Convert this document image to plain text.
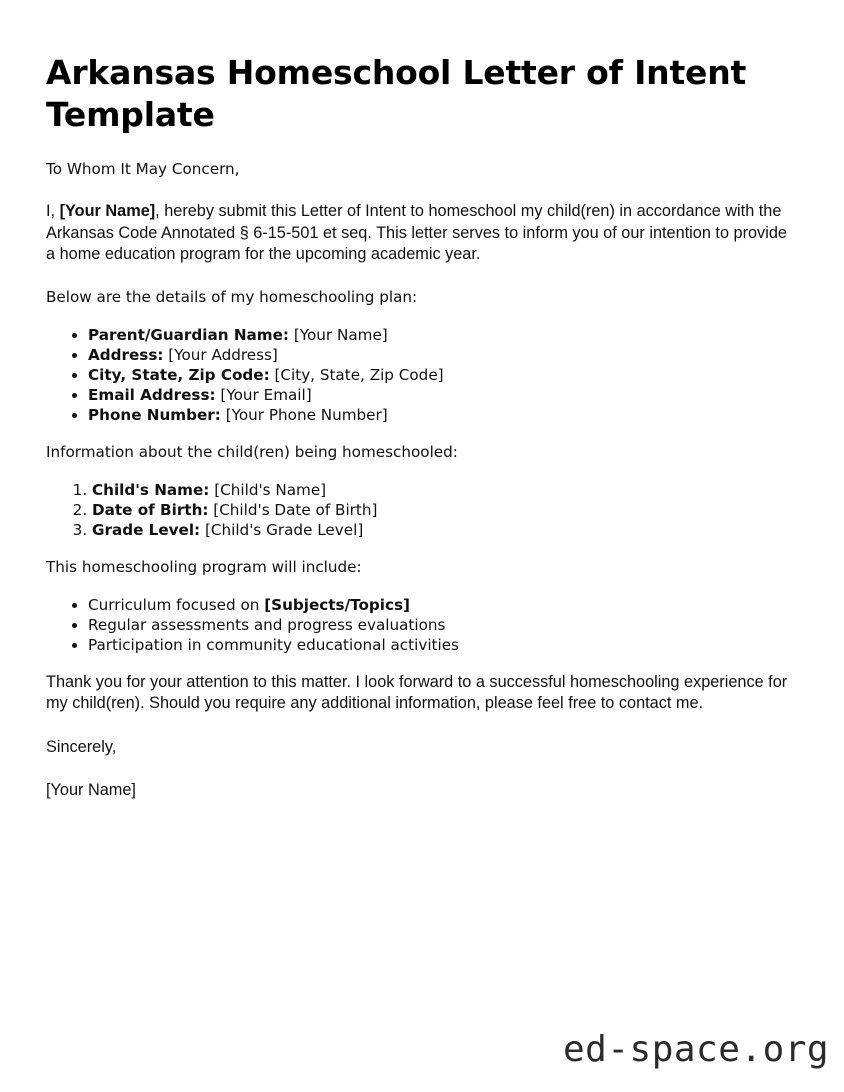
Arkansas Homeschool Letter of Intent Template

To Whom It May Concern,

I, [Your Name], hereby submit this Letter of Intent to homeschool my child(ren) in accordance with the Arkansas Code Annotated § 6-15-501 et seq. This letter serves to inform you of our intention to provide a home education program for the upcoming academic year.

Below are the details of my homeschooling plan:

• Parent/Guardian Name: [Your Name]
• Address: [Your Address]
• City, State, Zip Code: [City, State, Zip Code]
• Email Address: [Your Email]
• Phone Number: [Your Phone Number]

Information about the child(ren) being homeschooled:

1. Child's Name: [Child's Name]
2. Date of Birth: [Child's Date of Birth]
3. Grade Level: [Child's Grade Level]

This homeschooling program will include:

• Curriculum focused on [Subjects/Topics]
• Regular assessments and progress evaluations
• Participation in community educational activities

Thank you for your attention to this matter. I look forward to a successful homeschooling experience for my child(ren). Should you require any additional information, please feel free to contact me.

Sincerely,

[Your Name]

ed-space.org
